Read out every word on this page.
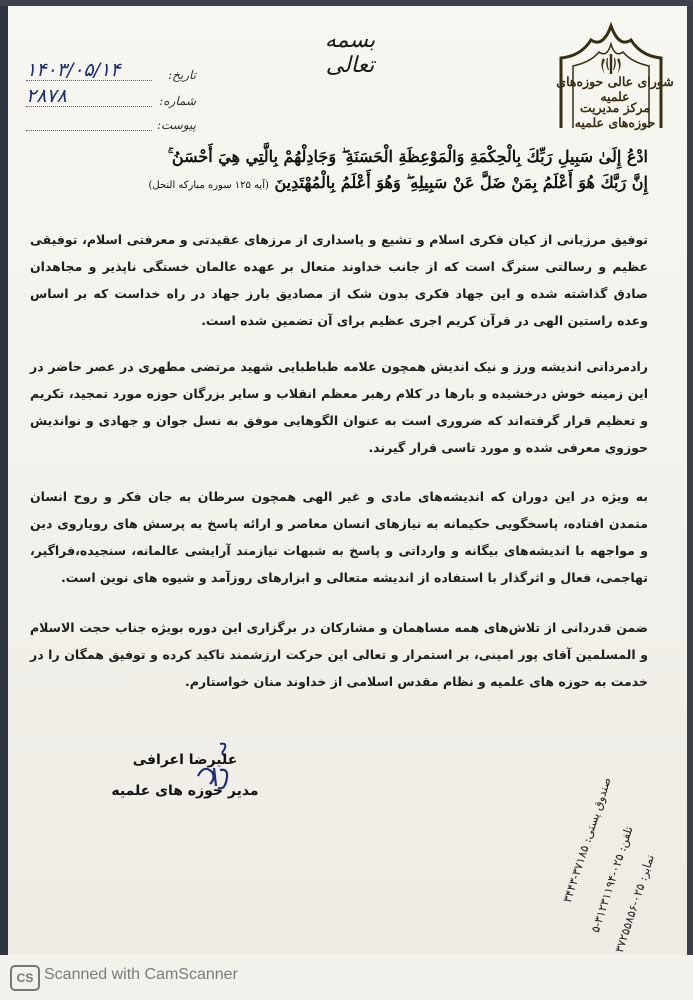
شورای عالی حوزه‌های علمیه
مرکز مدیریت حوزه‌های علمیه
بسمه تعالی
تاریخ:
۱۴۰۳/۰۵/۱۴
شماره:
۲۸۷۸
پیوست:
ادْعُ إِلَىٰ سَبِيلِ رَبِّكَ بِالْحِكْمَةِ وَالْمَوْعِظَةِ الْحَسَنَةِ ۖ وَجَادِلْهُمْ بِالَّتِي هِيَ أَحْسَنُ ۚ
إِنَّ رَبَّكَ هُوَ أَعْلَمُ بِمَنْ ضَلَّ عَنْ سَبِيلِهِ ۖ وَهُوَ أَعْلَمُ بِالْمُهْتَدِينَ (آیه ۱۲۵ سوره مبارکه النحل)
توفیق مرزبانی از کیان فکری اسلام و تشیع و پاسداری از مرزهای عقیدتی و معرفتی اسلام، توفیقی عظیم و رسالتی سترگ است که از جانب خداوند متعال بر عهده عالمان خستگی ناپذیر و مجاهدان صادق گذاشته شده و این جهاد فکری بدون شک از مصادیق بارز جهاد در راه خداست که بر اساس وعده راستین الهی در قرآن کریم اجری عظیم برای آن تضمین شده است.
رادمردانی اندیشه ورز و نیک اندیش همچون علامه طباطبایی شهید مرتضی مطهری در عصر حاضر در این زمینه خوش درخشیده و بارها در کلام رهبر معظم انقلاب و سایر بزرگان حوزه مورد تمجید، تکریم و تعظیم قرار گرفته‌اند که ضروری است به عنوان الگوهایی موفق به نسل جوان و جهادی و نواندیش حوزوی معرفی شده و مورد تاسی قرار گیرند.
به ویژه در این دوران که اندیشه‌های مادی و غیر الهی همچون سرطان به جان فکر و روح انسان متمدن افتاده، پاسخگویی حکیمانه به نیازهای انسان معاصر و ارائه پاسخ به پرسش های رویاروی دین و مواجهه با اندیشه‌های بیگانه و وارداتی و پاسخ به شبهات نیازمند آرایشی عالمانه، سنجیده،فراگیر، تهاجمی، فعال و اثرگذار با استفاده از اندیشه متعالی و ابزارهای روزآمد و شیوه های نوین است.
ضمن قدردانی از تلاش‌های همه مساهمان و مشارکان در برگزاری این دوره بویژه جناب حجت الاسلام و المسلمین آقای پور امینی، بر استمرار و تعالی این حرکت ارزشمند تاکید کرده و توفیق همگان را در خدمت به حوزه های علمیه و نظام مقدس اسلامی از خداوند منان خواستارم.
علیرضا اعرافی
مدیر حوزه های علمیه
صندوق پستی: ۳۷۱۸۵-۳۴۴۳
تلفن: ۰۲۵-۳۱۲۳۱۱۹۴-۵
نمابر: ۰۲۵-۳۷۲۵۵۸۵۶
CS Scanned with CamScanner
